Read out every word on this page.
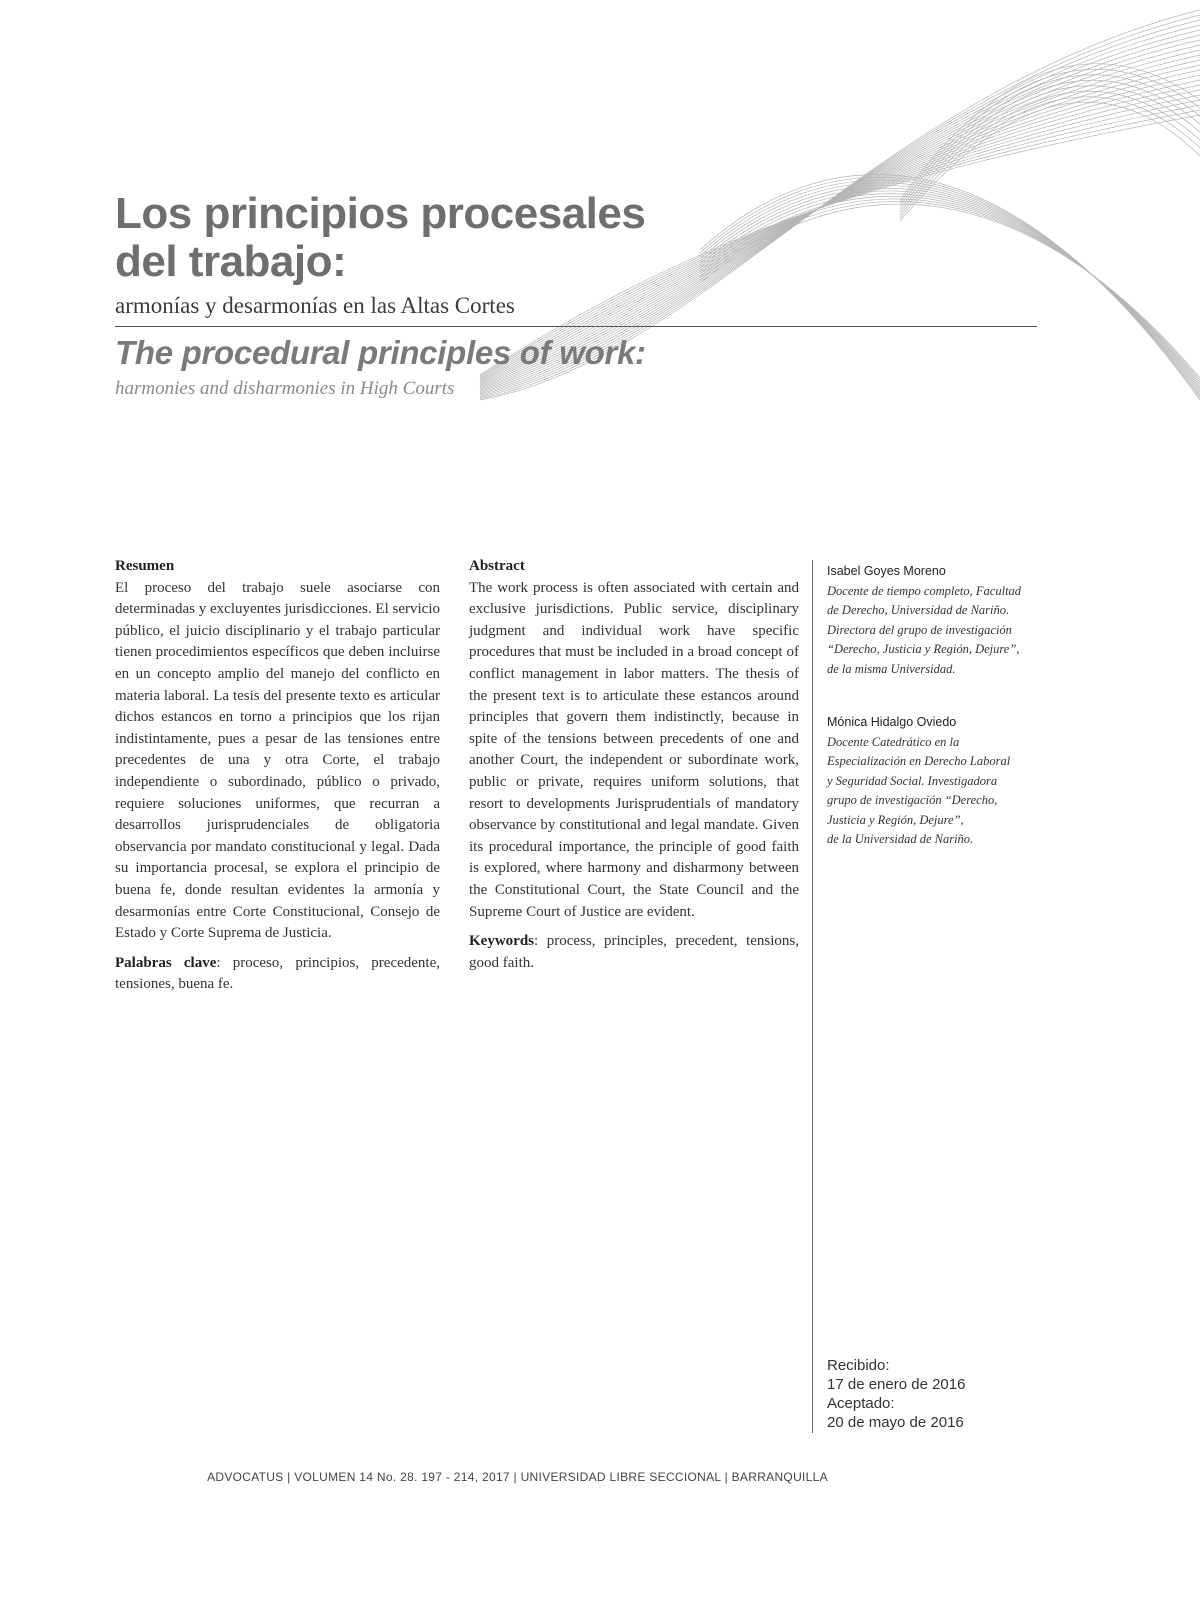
Los principios procesales
del trabajo:
armonías y desarmonías en las Altas Cortes
The procedural principles of work:
harmonies and disharmonies in High Courts
Resumen

El proceso del trabajo suele asociarse con determinadas y excluyentes jurisdicciones. El servicio público, el juicio disciplinario y el trabajo particular tienen procedimientos específicos que deben incluirse en un concepto amplio del manejo del conflicto en materia laboral. La tesis del presente texto es articular dichos estancos en torno a principios que los rijan indistintamente, pues a pesar de las tensiones entre precedentes de una y otra Corte, el trabajo independiente o subordinado, público o privado, requiere soluciones uniformes, que recurran a desarrollos jurisprudenciales de obligatoria observancia por mandato constitucional y legal. Dada su importancia procesal, se explora el principio de buena fe, donde resultan evidentes la armonía y desarmonías entre Corte Constitucional, Consejo de Estado y Corte Suprema de Justicia.

Palabras clave: proceso, principios, precedente, tensiones, buena fe.

Abstract

The work process is often associated with certain and exclusive jurisdictions. Public service, disciplinary judgment and individual work have specific procedures that must be included in a broad concept of conflict management in labor matters. The thesis of the present text is to articulate these estancos around principles that govern them indistinctly, because in spite of the tensions between precedents of one and another Court, the independent or subordinate work, public or private, requires uniform solutions, that resort to developments Jurisprudentials of mandatory observance by constitutional and legal mandate. Given its procedural importance, the principle of good faith is explored, where harmony and disharmony between the Constitutional Court, the State Council and the Supreme Court of Justice are evident.

Keywords: process, principles, precedent, tensions, good faith.

Isabel Goyes Moreno
Docente de tiempo completo, Facultad
de Derecho, Universidad de Nariño.
Directora del grupo de investigación
“Derecho, Justicia y Región, Dejure”,
de la misma Universidad.
Mónica Hidalgo Oviedo
Docente Catedrático en la
Especialización en Derecho Laboral
y Seguridad Social. Investigadora
grupo de investigación “Derecho,
Justicia y Región, Dejure”,
de la Universidad de Nariño.
Recibido:
17 de enero de 2016
Aceptado:
20 de mayo de 2016
ADVOCATUS | VOLUMEN 14 No. 28. 197 - 214, 2017 | UNIVERSIDAD LIBRE SECCIONAL | BARRANQUILLA
